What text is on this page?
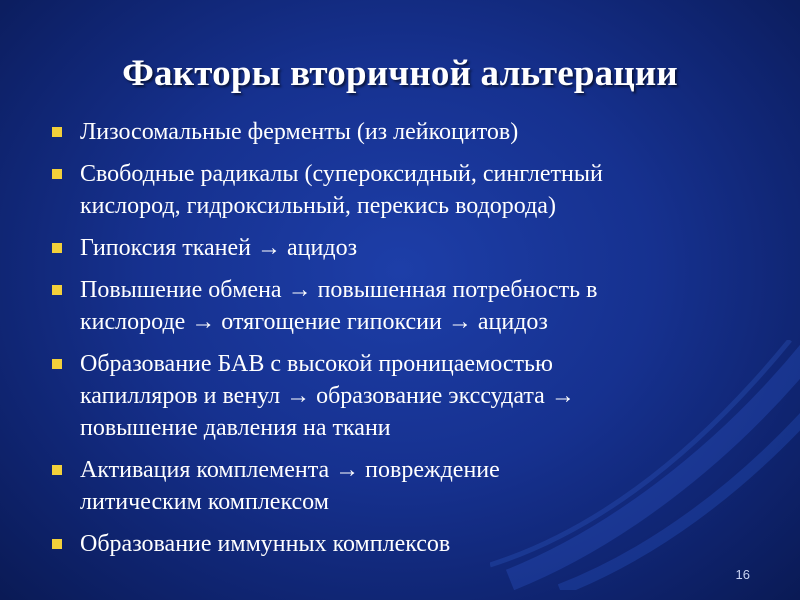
Факторы вторичной альтерации
Лизосомальные ферменты (из лейкоцитов)
Свободные радикалы (супероксидный, синглетный
кислород, гидроксильный, перекись водорода)
Гипоксия тканей → ацидоз
Повышение обмена → повышенная потребность в
кислороде → отягощение гипоксии → ацидоз
Образование БАВ с высокой проницаемостью
капилляров и венул → образование экссудата →
повышение давления на ткани
Активация комплемента → повреждение
литическим комплексом
Образование иммунных комплексов
16
